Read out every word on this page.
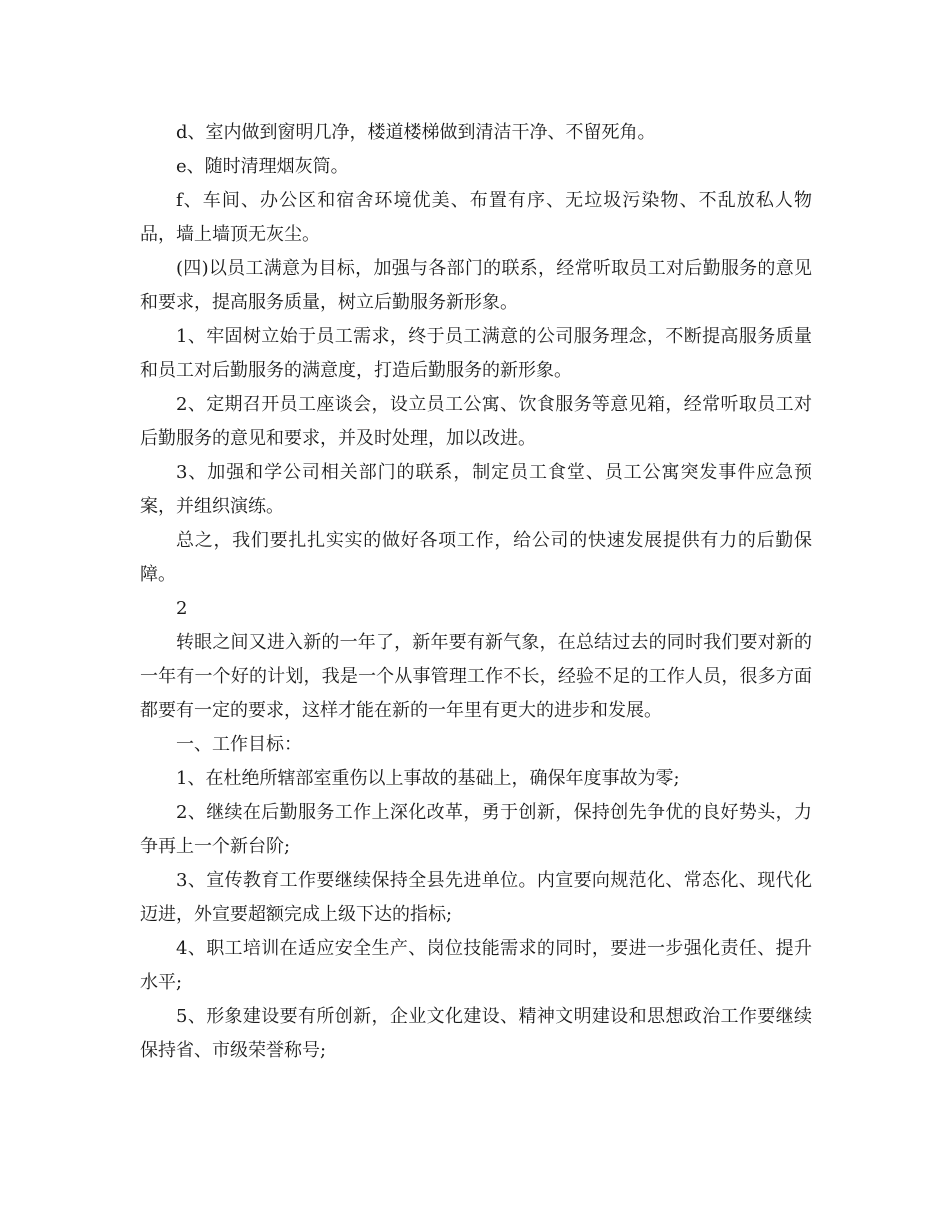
d、室内做到窗明几净，楼道楼梯做到清洁干净、不留死角。

e、随时清理烟灰筒。

f、车间、办公区和宿舍环境优美、布置有序、无垃圾污染物、不乱放私人物品，墙上墙顶无灰尘。

(四)以员工满意为目标，加强与各部门的联系，经常听取员工对后勤服务的意见和要求，提高服务质量，树立后勤服务新形象。

1、牢固树立始于员工需求，终于员工满意的公司服务理念，不断提高服务质量和员工对后勤服务的满意度，打造后勤服务的新形象。

2、定期召开员工座谈会，设立员工公寓、饮食服务等意见箱，经常听取员工对后勤服务的意见和要求，并及时处理，加以改进。

3、加强和学公司相关部门的联系，制定员工食堂、员工公寓突发事件应急预案，并组织演练。

总之，我们要扎扎实实的做好各项工作，给公司的快速发展提供有力的后勤保障。

2

转眼之间又进入新的一年了，新年要有新气象，在总结过去的同时我们要对新的一年有一个好的计划，我是一个从事管理工作不长，经验不足的工作人员，很多方面都要有一定的要求，这样才能在新的一年里有更大的进步和发展。

一、工作目标：

1、在杜绝所辖部室重伤以上事故的基础上，确保年度事故为零;

2、继续在后勤服务工作上深化改革，勇于创新，保持创先争优的良好势头，力争再上一个新台阶;

3、宣传教育工作要继续保持全县先进单位。内宣要向规范化、常态化、现代化迈进，外宣要超额完成上级下达的指标;

4、职工培训在适应安全生产、岗位技能需求的同时，要进一步强化责任、提升水平;

5、形象建设要有所创新，企业文化建设、精神文明建设和思想政治工作要继续保持省、市级荣誉称号;
